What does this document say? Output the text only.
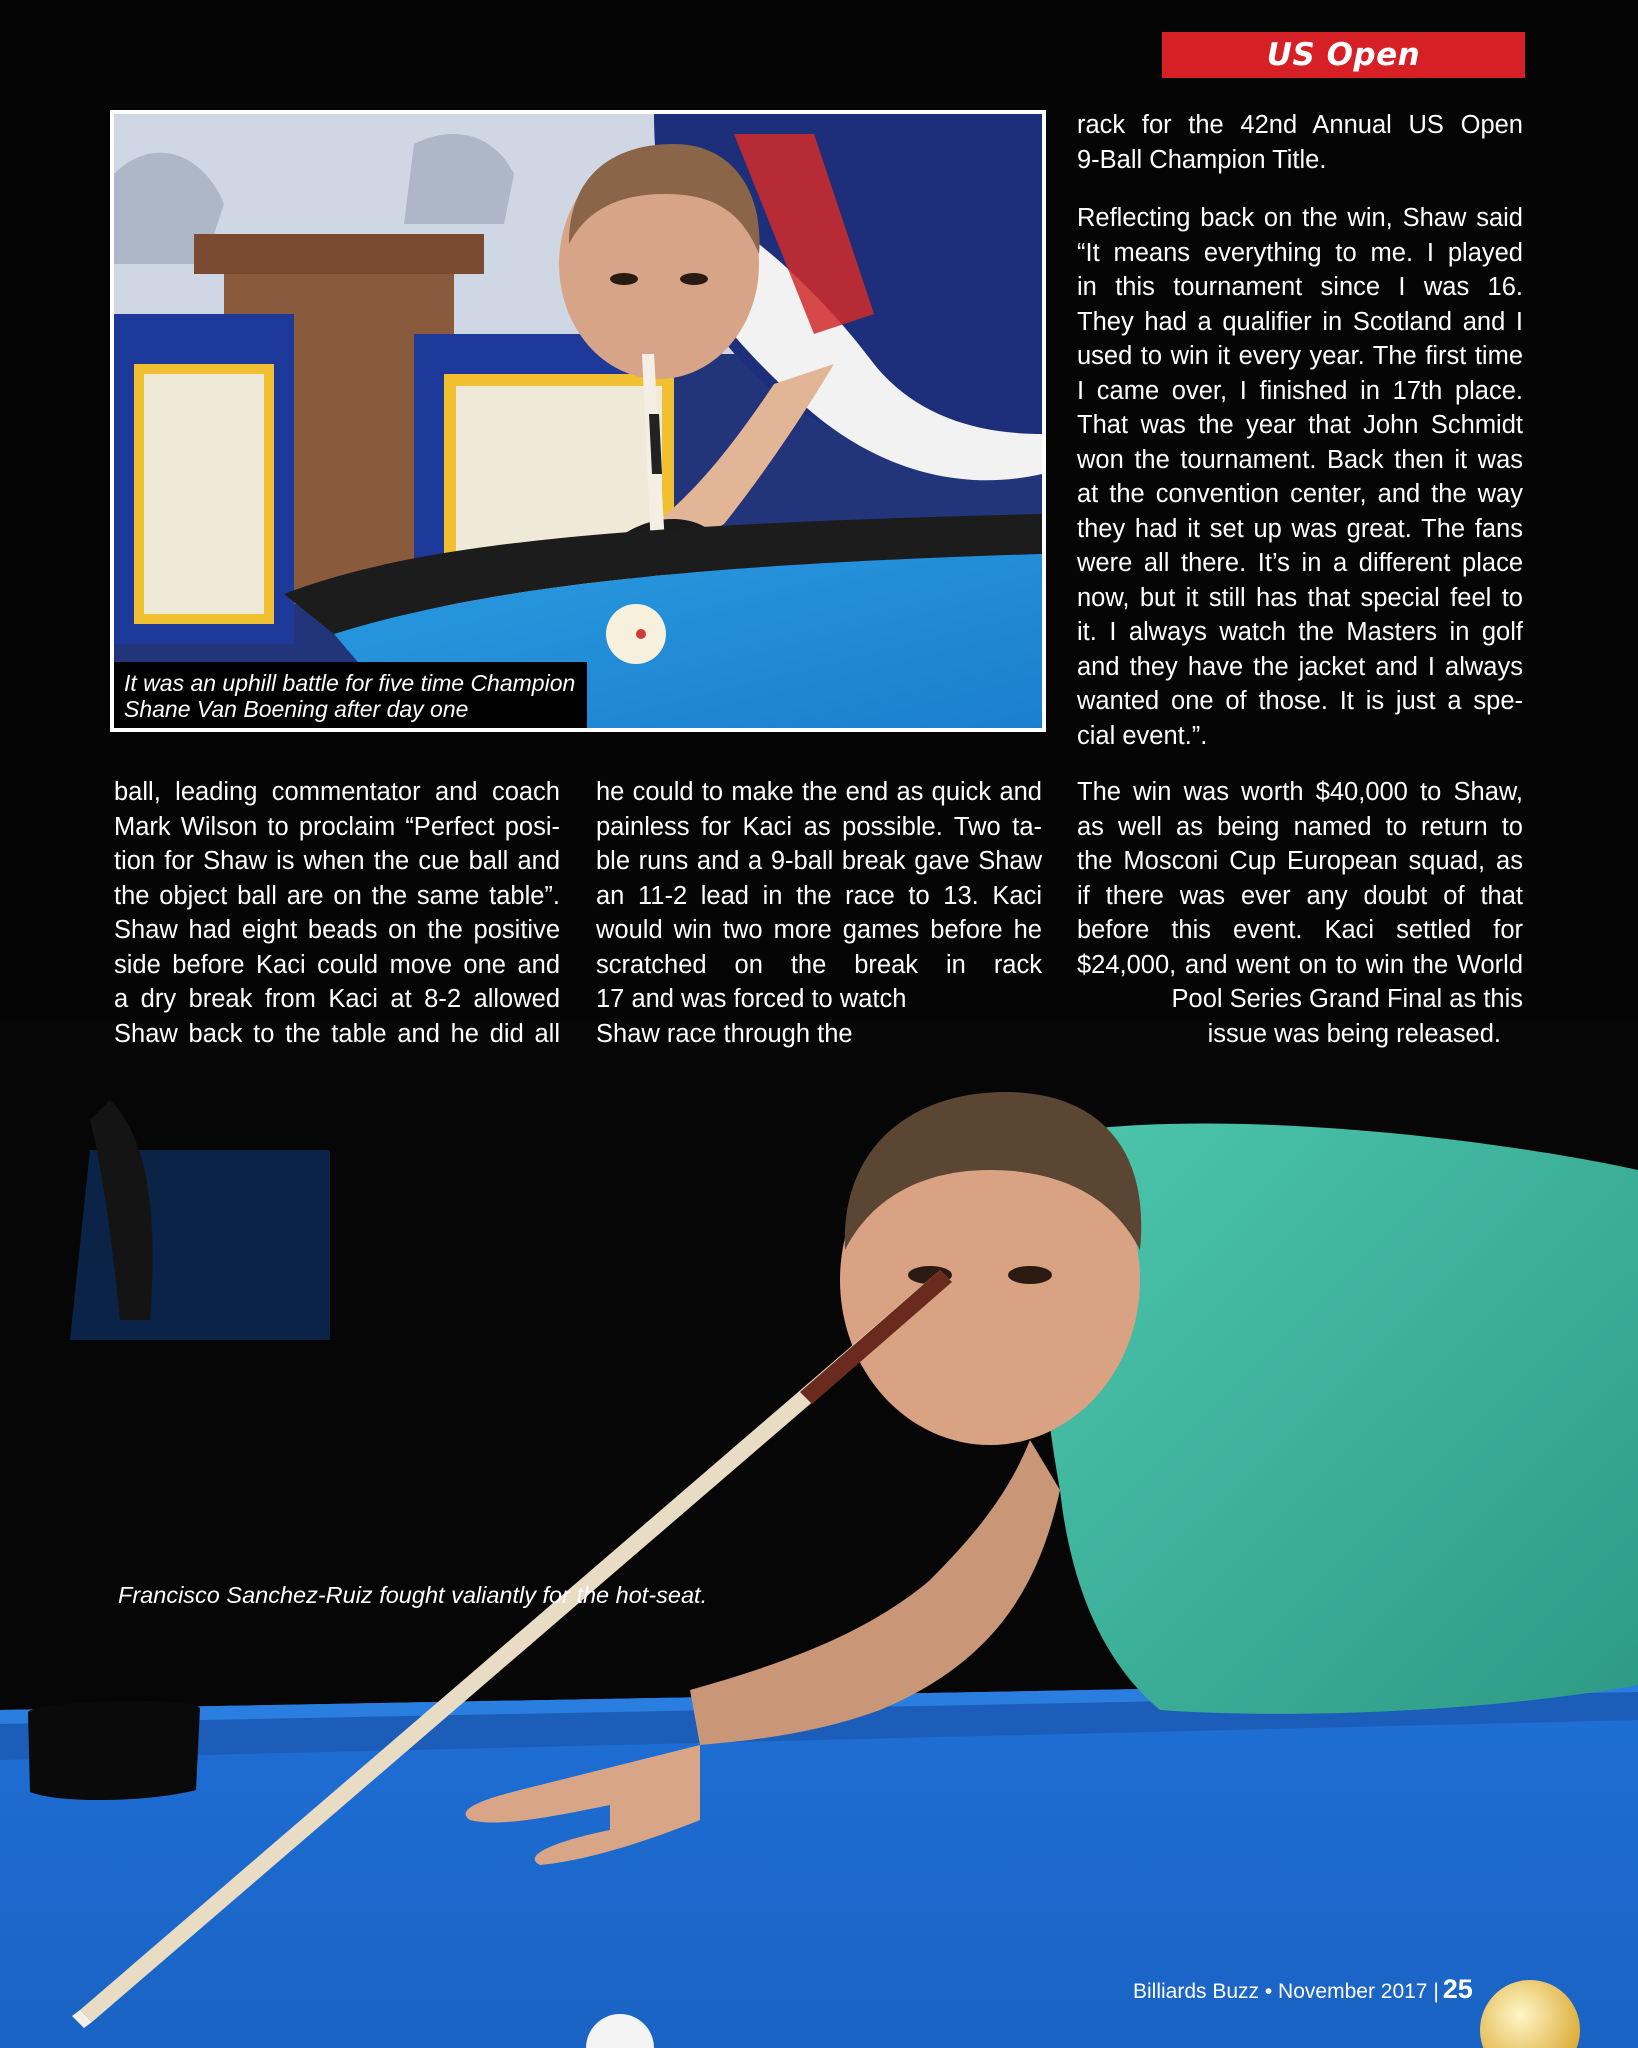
US Open
It was an uphill battle for five time Champion
Shane Van Boening after day one

rack for the 42nd Annual US Open
9-Ball Champion Title.

Reflecting back on the win, Shaw said
“It means everything to me. I played
in this tournament since I was 16.
They had a qualifier in Scotland and I
used to win it every year. The first time
I came over, I finished in 17th place.
That was the year that John Schmidt
won the tournament. Back then it was
at the convention center, and the way
they had it set up was great. The fans
were all there. It’s in a different place
now, but it still has that special feel to
it. I always watch the Masters in golf
and they have the jacket and I always
wanted one of those. It is just a spe-
cial event.”.

ball, leading commentator and coach
Mark Wilson to proclaim “Perfect posi-
tion for Shaw is when the cue ball and
the object ball are on the same table”.
Shaw had eight beads on the positive
side before Kaci could move one and
a dry break from Kaci at 8-2 allowed
Shaw back to the table and he did all
he could to make the end as quick and
painless for Kaci as possible. Two ta-
ble runs and a 9-ball break gave Shaw
an 11-2 lead in the race to 13. Kaci
would win two more games before he
scratched on the break in rack
17 and was forced to watch
Shaw race through the
The win was worth $40,000 to Shaw,
as well as being named to return to
the Mosconi Cup European squad, as
if there was ever any doubt of that
before this event. Kaci settled for
$24,000, and went on to win the World
Pool Series Grand Final as this
issue was being released.
Francisco Sanchez-Ruiz fought valiantly for the hot-seat.
Billiards Buzz • November 2017 | 25
